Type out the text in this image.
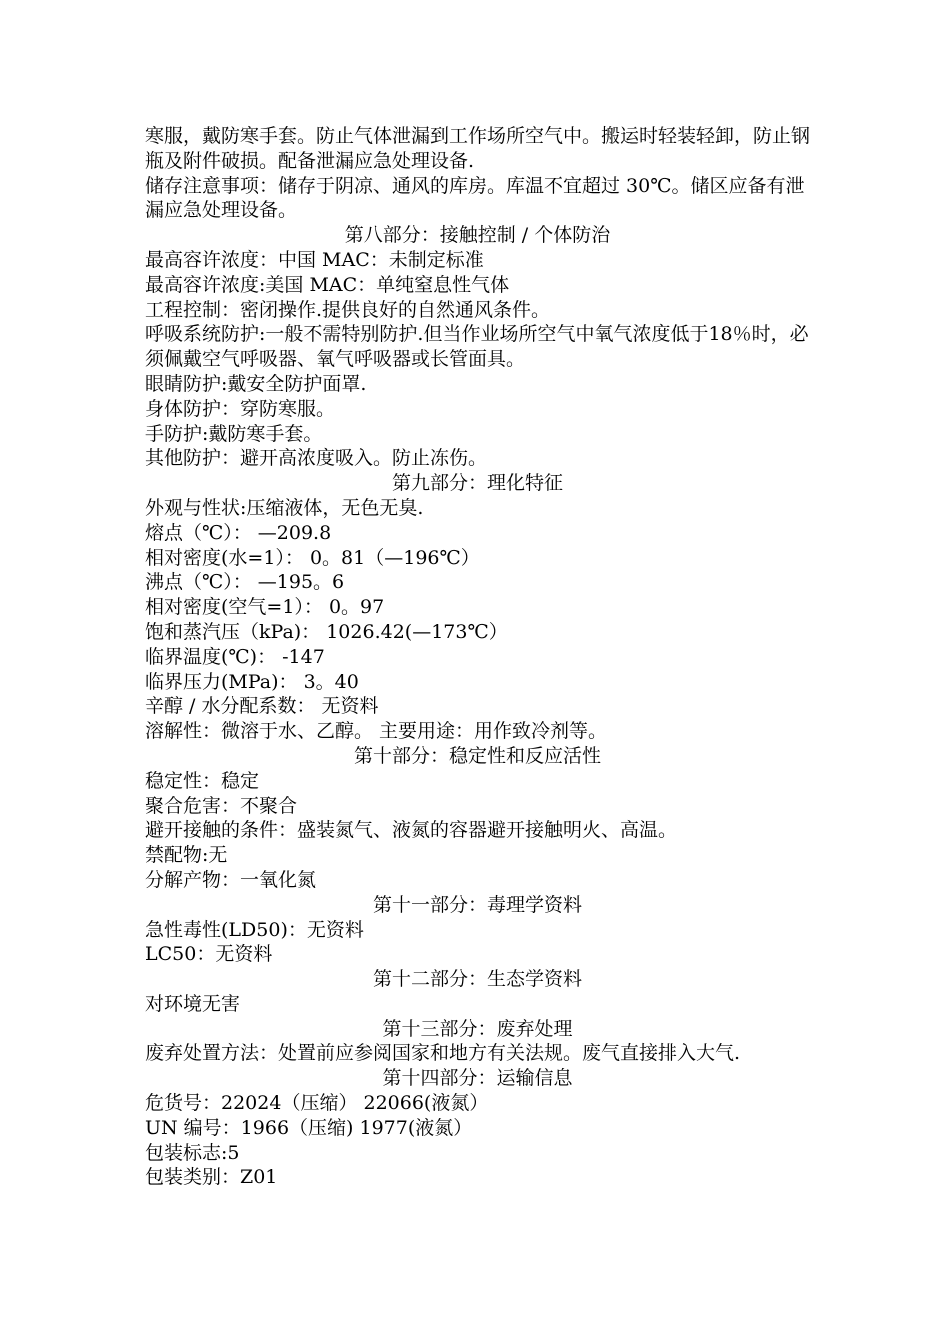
寒服，戴防寒手套。防止气体泄漏到工作场所空气中。搬运时轻装轻卸，防止钢瓶及附件破损。配备泄漏应急处理设备.
储存注意事项：储存于阴凉、通风的库房。库温不宜超过 30℃。储区应备有泄漏应急处理设备。
第八部分：接触控制 / 个体防治
最高容许浓度：中国 MAC：未制定标准
最高容许浓度:美国 MAC：单纯窒息性气体
工程控制：密闭操作.提供良好的自然通风条件。
呼吸系统防护:一般不需特别防护.但当作业场所空气中氧气浓度低于18％时，必须佩戴空气呼吸器、氧气呼吸器或长管面具。
眼睛防护:戴安全防护面罩.
身体防护：穿防寒服。
手防护:戴防寒手套。
其他防护：避开高浓度吸入。防止冻伤。
第九部分：理化特征
外观与性状:压缩液体，无色无臭.
熔点（℃）： —209.8
相对密度(水=1）： 0。81（—196℃）
沸点（℃）： —195。6
相对密度(空气=1）： 0。97
饱和蒸汽压（kPa)： 1026.42(—173℃）
临界温度(℃)： -147
临界压力(MPa)： 3。40
辛醇 / 水分配系数： 无资料
溶解性：微溶于水、乙醇。 主要用途：用作致冷剂等。
第十部分：稳定性和反应活性
稳定性：稳定
聚合危害：不聚合
避开接触的条件：盛装氮气、液氮的容器避开接触明火、高温。
禁配物:无
分解产物：一氧化氮
第十一部分：毒理学资料
急性毒性(LD50)：无资料
LC50：无资料
第十二部分：生态学资料
对环境无害
第十三部分：废弃处理
废弃处置方法：处置前应参阅国家和地方有关法规。废气直接排入大气.
第十四部分：运输信息
危货号：22024（压缩） 22066(液氮）
UN 编号：1966（压缩) 1977(液氮）
包装标志:5
包装类别：Z01
